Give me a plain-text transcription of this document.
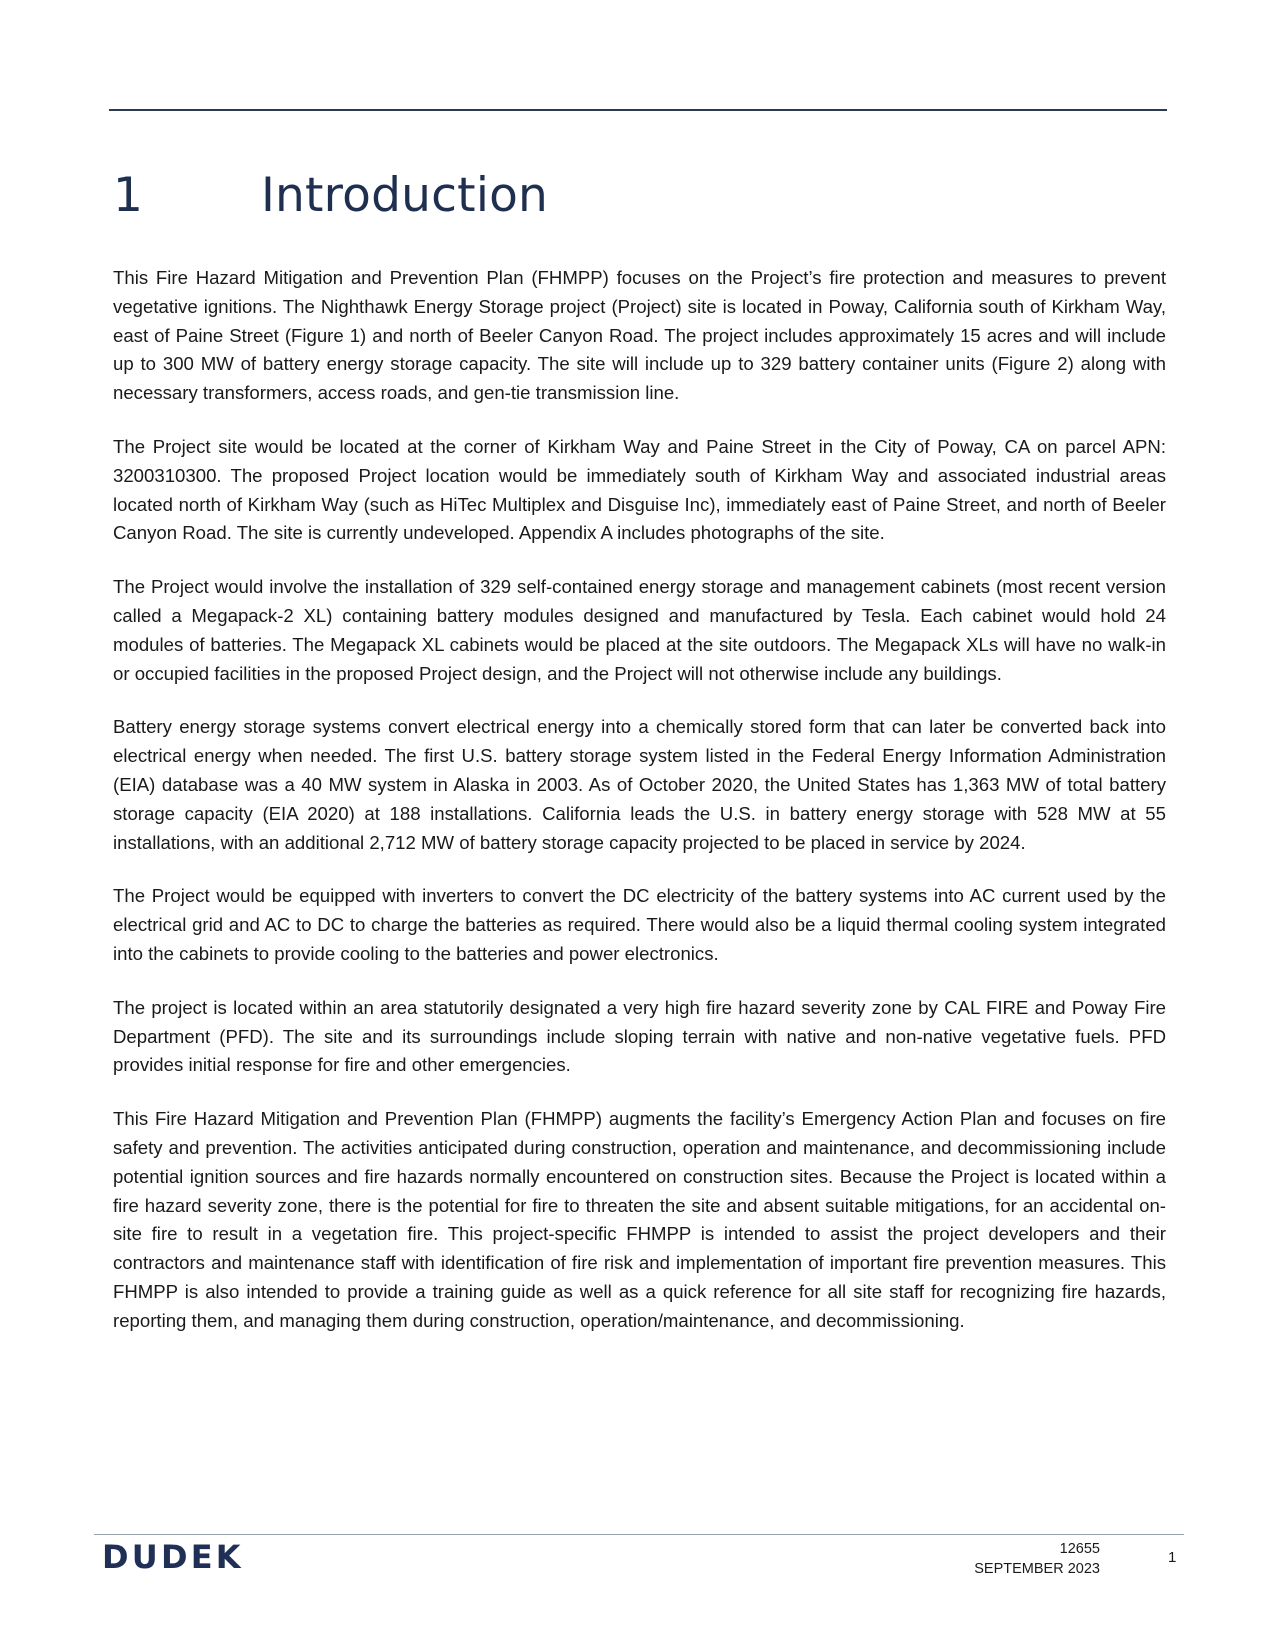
1	Introduction

This Fire Hazard Mitigation and Prevention Plan (FHMPP) focuses on the Project’s fire protection and measures to prevent vegetative ignitions. The Nighthawk Energy Storage project (Project) site is located in Poway, California south of Kirkham Way, east of Paine Street (Figure 1) and north of Beeler Canyon Road. The project includes approximately 15 acres and will include up to 300 MW of battery energy storage capacity. The site will include up to 329 battery container units (Figure 2) along with necessary transformers, access roads, and gen-tie transmission line.

The Project site would be located at the corner of Kirkham Way and Paine Street in the City of Poway, CA on parcel APN: 3200310300. The proposed Project location would be immediately south of Kirkham Way and associated industrial areas located north of Kirkham Way (such as HiTec Multiplex and Disguise Inc), immediately east of Paine Street, and north of Beeler Canyon Road. The site is currently undeveloped. Appendix A includes photographs of the site.

The Project would involve the installation of 329 self-contained energy storage and management cabinets (most recent version called a Megapack-2 XL) containing battery modules designed and manufactured by Tesla. Each cabinet would hold 24 modules of batteries. The Megapack XL cabinets would be placed at the site outdoors. The Megapack XLs will have no walk-in or occupied facilities in the proposed Project design, and the Project will not otherwise include any buildings.

Battery energy storage systems convert electrical energy into a chemically stored form that can later be converted back into electrical energy when needed. The first U.S. battery storage system listed in the Federal Energy Information Administration (EIA) database was a 40 MW system in Alaska in 2003. As of October 2020, the United States has 1,363 MW of total battery storage capacity (EIA 2020) at 188 installations. California leads the U.S. in battery energy storage with 528 MW at 55 installations, with an additional 2,712 MW of battery storage capacity projected to be placed in service by 2024.

The Project would be equipped with inverters to convert the DC electricity of the battery systems into AC current used by the electrical grid and AC to DC to charge the batteries as required. There would also be a liquid thermal cooling system integrated into the cabinets to provide cooling to the batteries and power electronics.

The project is located within an area statutorily designated a very high fire hazard severity zone by CAL FIRE and Poway Fire Department (PFD). The site and its surroundings include sloping terrain with native and non-native vegetative fuels. PFD provides initial response for fire and other emergencies.

This Fire Hazard Mitigation and Prevention Plan (FHMPP) augments the facility’s Emergency Action Plan and focuses on fire safety and prevention. The activities anticipated during construction, operation and maintenance, and decommissioning include potential ignition sources and fire hazards normally encountered on construction sites. Because the Project is located within a fire hazard severity zone, there is the potential for fire to threaten the site and absent suitable mitigations, for an accidental on-site fire to result in a vegetation fire. This project-specific FHMPP is intended to assist the project developers and their contractors and maintenance staff with identification of fire risk and implementation of important fire prevention measures. This FHMPP is also intended to provide a training guide as well as a quick reference for all site staff for recognizing fire hazards, reporting them, and managing them during construction, operation/maintenance, and decommissioning.

DUDEK	12655
SEPTEMBER 2023
1
